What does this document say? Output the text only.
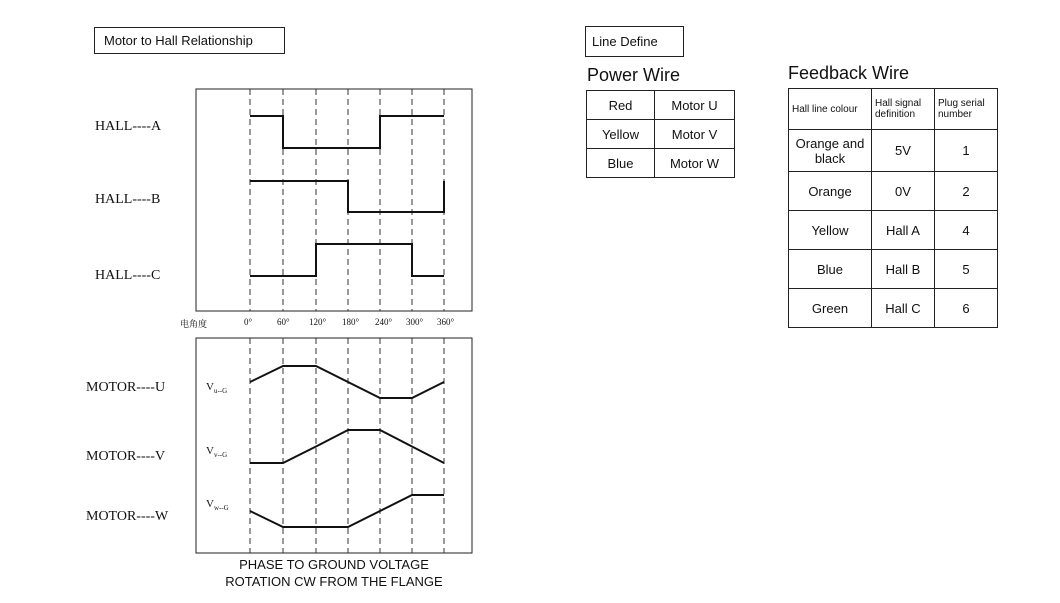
Motor to Hall Relationship
HALL----A
HALL----B
HALL----C
电角度	0°	60° 120° 180° 240° 300° 360°
MOTOR----U
MOTOR----V
MOTOR----W
$V_{u--G}$
$V_{v--G}$
$V_{w--G}$
PHASE TO GROUND VOLTAGE
ROTATION CW FROM THE FLANGE
Line Define
Power Wire
Red	Motor U
Yellow	Motor V
Blue	Motor W
Feedback Wire
Hall line colour	Hall signal definition	Plug serial number
Orange and black	5V	1
Orange	0V	2
Yellow	Hall A	4
Blue	Hall B	5
Green	Hall C	6
